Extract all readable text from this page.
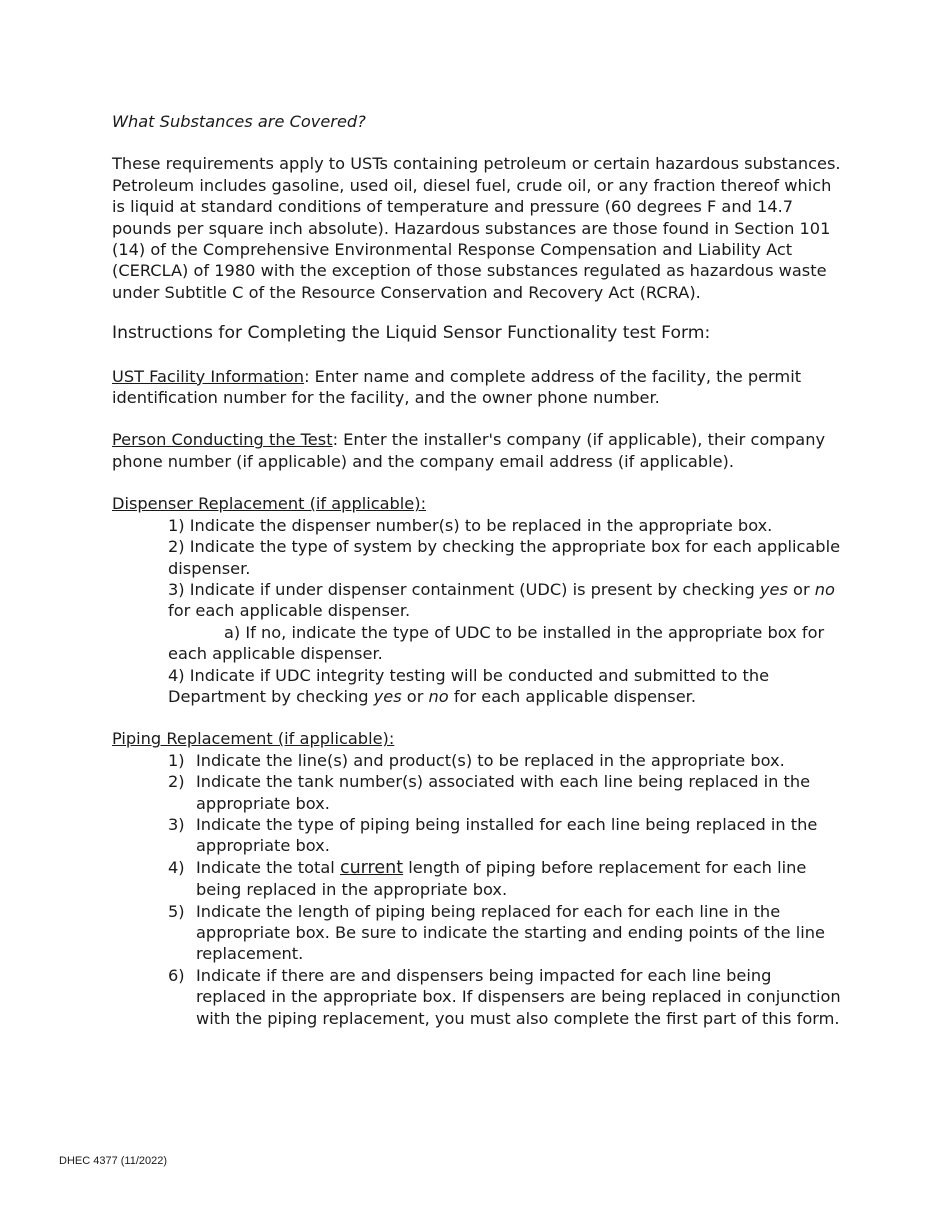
What Substances are Covered?

These requirements apply to USTs containing petroleum or certain hazardous substances. Petroleum includes gasoline, used oil, diesel fuel, crude oil, or any fraction thereof which is liquid at standard conditions of temperature and pressure (60 degrees F and 14.7 pounds per square inch absolute). Hazardous substances are those found in Section 101 (14) of the Comprehensive Environmental Response Compensation and Liability Act (CERCLA) of 1980 with the exception of those substances regulated as hazardous waste under Subtitle C of the Resource Conservation and Recovery Act (RCRA).

Instructions for Completing the Liquid Sensor Functionality test Form:

UST Facility Information: Enter name and complete address of the facility, the permit identification number for the facility, and the owner phone number.

Person Conducting the Test: Enter the installer's company (if applicable), their company phone number (if applicable) and the company email address (if applicable).

Dispenser Replacement (if applicable):

1) Indicate the dispenser number(s) to be replaced in the appropriate box.

2) Indicate the type of system by checking the appropriate box for each applicable dispenser.

3) Indicate if under dispenser containment (UDC) is present by checking yes or no for each applicable dispenser.

a) If no, indicate the type of UDC to be installed in the appropriate box for

each applicable dispenser.

4) Indicate if UDC integrity testing will be conducted and submitted to the Department by checking yes or no for each applicable dispenser.

Piping Replacement (if applicable):

1) Indicate the line(s) and product(s) to be replaced in the appropriate box.
2) Indicate the tank number(s) associated with each line being replaced in the appropriate box.
3) Indicate the type of piping being installed for each line being replaced in the appropriate box.
4) Indicate the total current length of piping before replacement for each line being replaced in the appropriate box.
5) Indicate the length of piping being replaced for each for each line in the appropriate box. Be sure to indicate the starting and ending points of the line replacement.
6) Indicate if there are and dispensers being impacted for each line being replaced in the appropriate box. If dispensers are being replaced in conjunction with the piping replacement, you must also complete the first part of this form.
DHEC 4377 (11/2022)
